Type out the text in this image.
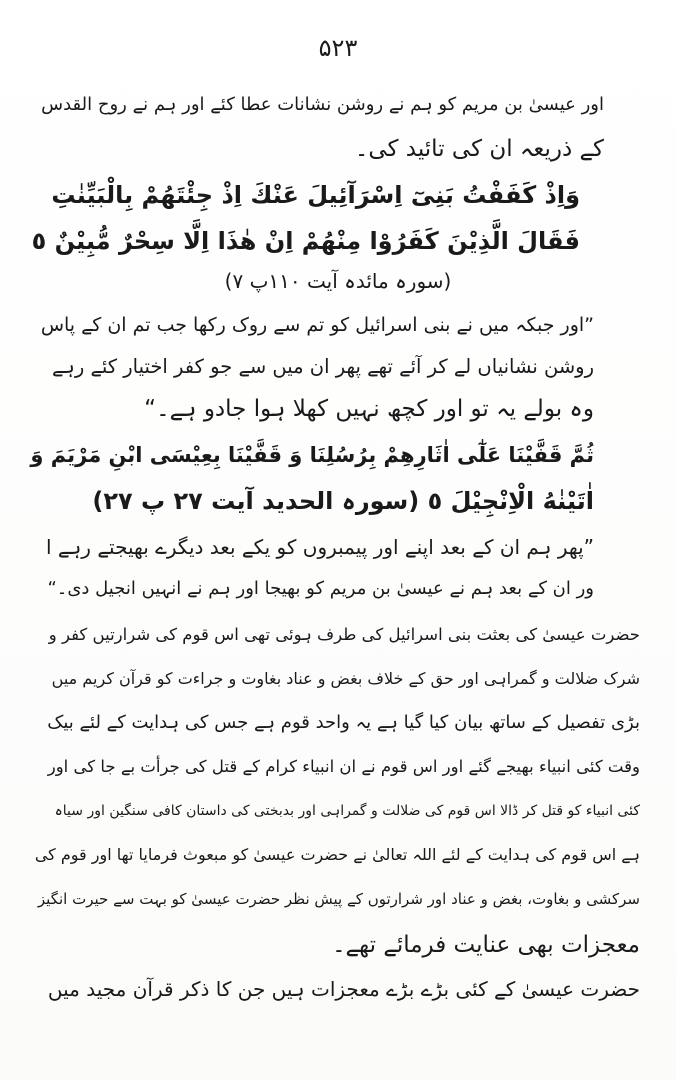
۵۲۳
اور عیسیٰ بن مریم کو ہم نے روشن نشانات عطا کئے اور ہم نے روح القدس
کے ذریعہ ان کی تائید کی۔
وَاِذْ كَفَفْتُ بَنِىٓ اِسْرَآئِيلَ عَنْكَ اِذْ جِئْتَهُمْ بِالْبَيِّنٰتِ
فَقَالَ الَّذِيْنَ كَفَرُوْا مِنْهُمْ اِنْ هٰذَا اِلَّا سِحْرٌ مُّبِيْنٌ ٥
(سورہ مائدہ آیت ۱۱۰پ ۷)
”اور جبکہ میں نے بنی اسرائیل کو تم سے روک رکھا جب تم ان کے پاس
روشن نشانیاں لے کر آئے تھے پھر ان میں سے جو کفر اختیار کئے رہے
وہ بولے یہ تو اور کچھ نہیں کھلا ہوا جادو ہے۔“
ثُمَّ قَفَّيْنَا عَلٰٓى اٰثَارِهِمْ بِرُسُلِنَا وَ قَفَّيْنَا بِعِيْسَى ابْنِ مَرْيَمَ وَ
اٰتَيْنٰهُ الْاِنْجِيْلَ ٥ (سورہ الحدید آیت ۲۷ پ ۲۷)
”پھر ہم ان کے بعد اپنے اور پیمبروں کو یکے بعد دیگرے بھیجتے رہے ا
ور ان کے بعد ہم نے عیسیٰ بن مریم کو بھیجا اور ہم نے انہیں انجیل دی۔“
حضرت عیسیٰ کی بعثت بنی اسرائیل کی طرف ہوئی تھی اس قوم کی شرارتیں کفر و
شرک ضلالت و گمراہی اور حق کے خلاف بغض و عناد بغاوت و جراءت کو قرآن کریم میں
بڑی تفصیل کے ساتھ بیان کیا گیا ہے یہ واحد قوم ہے جس کی ہدایت کے لئے بیک
وقت کئی انبیاء بھیجے گئے اور اس قوم نے ان انبیاء کرام کے قتل کی جرأت بے جا کی اور
کئی انبیاء کو قتل کر ڈالا اس قوم کی ضلالت و گمراہی اور بدبختی کی داستان کافی سنگین اور سیاہ
ہے اس قوم کی ہدایت کے لئے اللہ تعالیٰ نے حضرت عیسیٰ کو مبعوث فرمایا تھا اور قوم کی
سرکشی و بغاوت، بغض و عناد اور شرارتوں کے پیش نظر حضرت عیسیٰ کو بہت سے حیرت انگیز
معجزات بھی عنایت فرمائے تھے۔
حضرت عیسیٰ کے کئی بڑے بڑے معجزات ہیں جن کا ذکر قرآن مجید میں
